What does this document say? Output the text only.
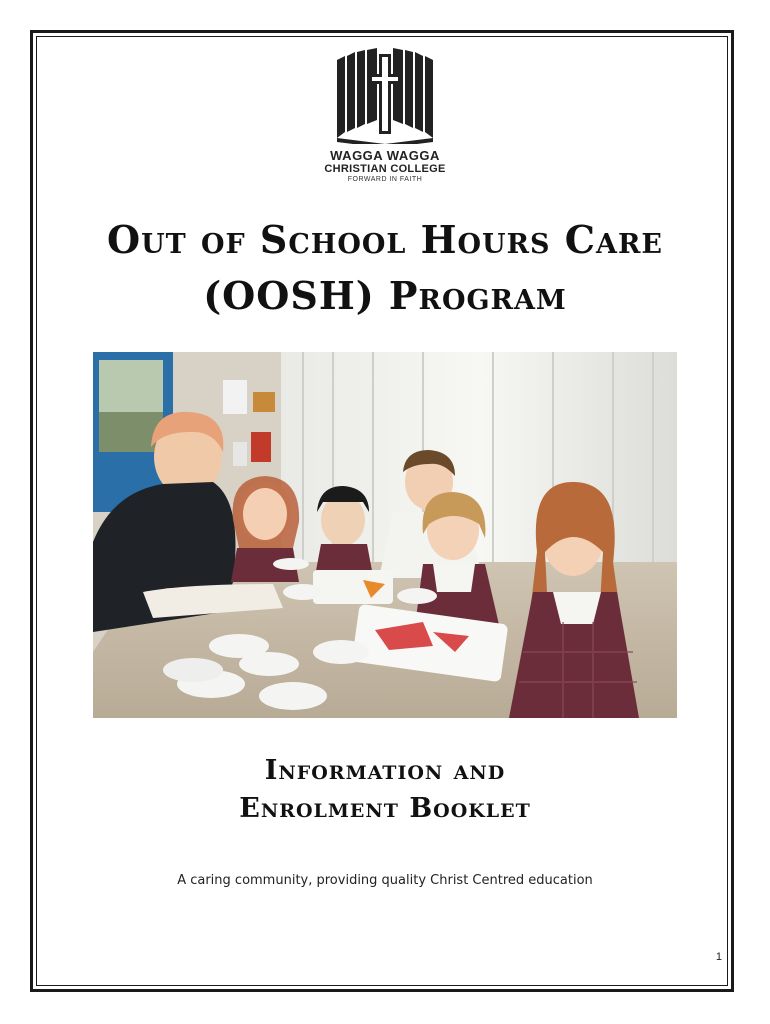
WAGGA WAGGA
CHRISTIAN COLLEGE
FORWARD IN FAITH
Out of School Hours Care
(OOSH) Program
Information and
Enrolment Booklet
A caring community, providing quality Christ Centred education
1
